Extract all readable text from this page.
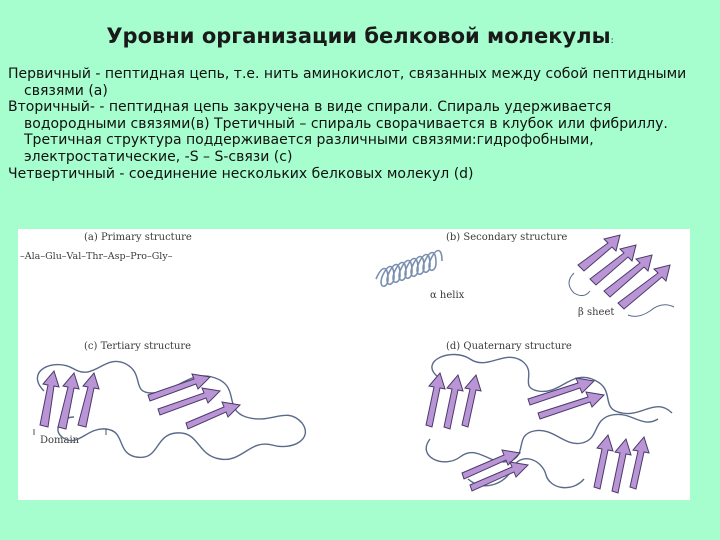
Уровни организации белковой молекулы:

Первичный - пептидная цепь, т.е. нить аминокислот, связанных между собой пептидными связями (а)

Вторичный- - пептидная цепь закручена в виде спирали. Спираль удерживается водородными связями(в) Третичный – спираль сворачивается в клубок или фибриллу. Третичная структура поддерживается различными связями:гидрофобными, электростатические, -S – S-связи (с)

Четвертичный - соединение нескольких белковых молекул (d)

(a) Primary structure
–Ala–Glu–Val–Thr–Asp–Pro–Gly–
(b) Secondary structure
α helix
β sheet
(c) Tertiary structure
Domain
(d) Quaternary structure
